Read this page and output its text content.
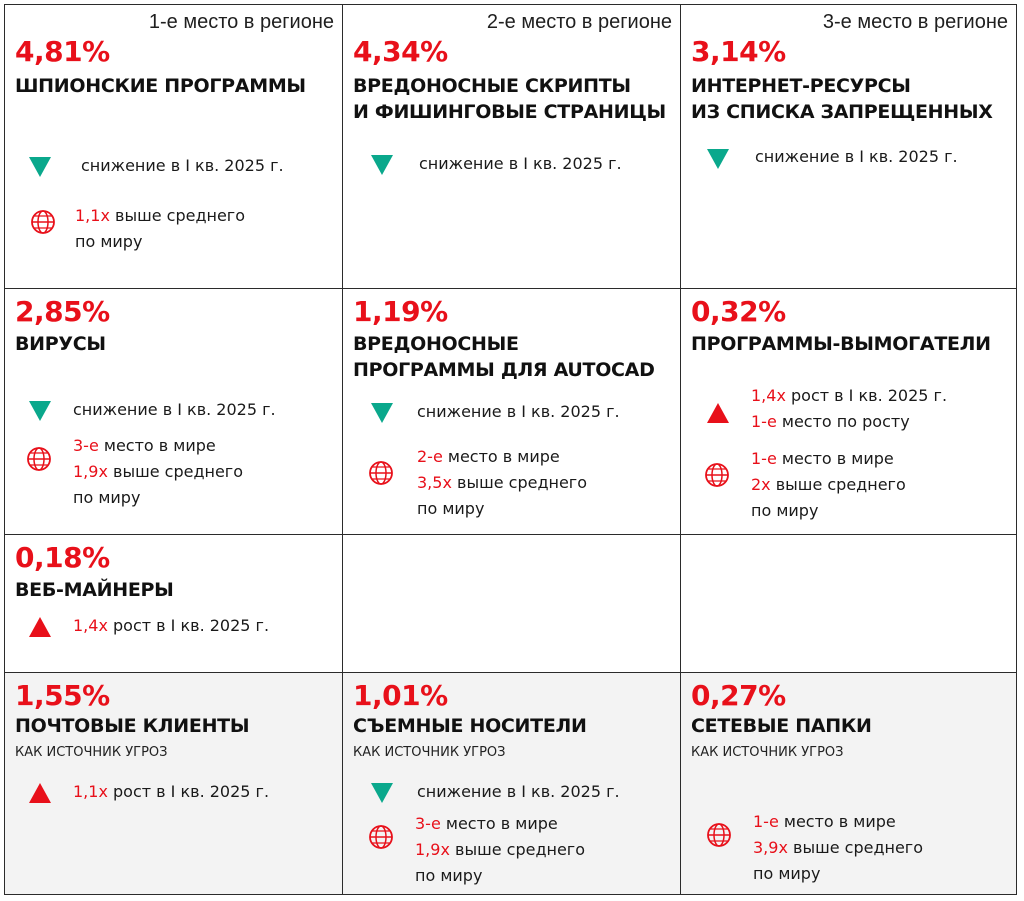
1-е место в регионе
4,81%
ШПИОНСКИЕ ПРОГРАММЫ
снижение в I кв. 2025 г.
1,1x выше среднего
по миру
2-е место в регионе
4,34%
ВРЕДОНОСНЫЕ СКРИПТЫ
И ФИШИНГОВЫЕ СТРАНИЦЫ
снижение в I кв. 2025 г.
3-е место в регионе
3,14%
ИНТЕРНЕТ-РЕСУРСЫ
ИЗ СПИСКА ЗАПРЕЩЕННЫХ
снижение в I кв. 2025 г.
2,85%
ВИРУСЫ
снижение в I кв. 2025 г.
3-е место в мире
1,9x выше среднего
по миру
1,19%
ВРЕДОНОСНЫЕ
ПРОГРАММЫ ДЛЯ AUTOCAD
снижение в I кв. 2025 г.
2-е место в мире
3,5x выше среднего
по миру
0,32%
ПРОГРАММЫ-ВЫМОГАТЕЛИ
1,4x рост в I кв. 2025 г.
1-е место по росту
1-е место в мире
2x выше среднего
по миру
0,18%
ВЕБ-МАЙНЕРЫ
1,4x рост в I кв. 2025 г.
1,55%
ПОЧТОВЫЕ КЛИЕНТЫ
КАК ИСТОЧНИК УГРОЗ
1,1x рост в I кв. 2025 г.
1,01%
СЪЕМНЫЕ НОСИТЕЛИ
КАК ИСТОЧНИК УГРОЗ
снижение в I кв. 2025 г.
3-е место в мире
1,9x выше среднего
по миру
0,27%
СЕТЕВЫЕ ПАПКИ
КАК ИСТОЧНИК УГРОЗ
1-е место в мире
3,9x выше среднего
по миру
